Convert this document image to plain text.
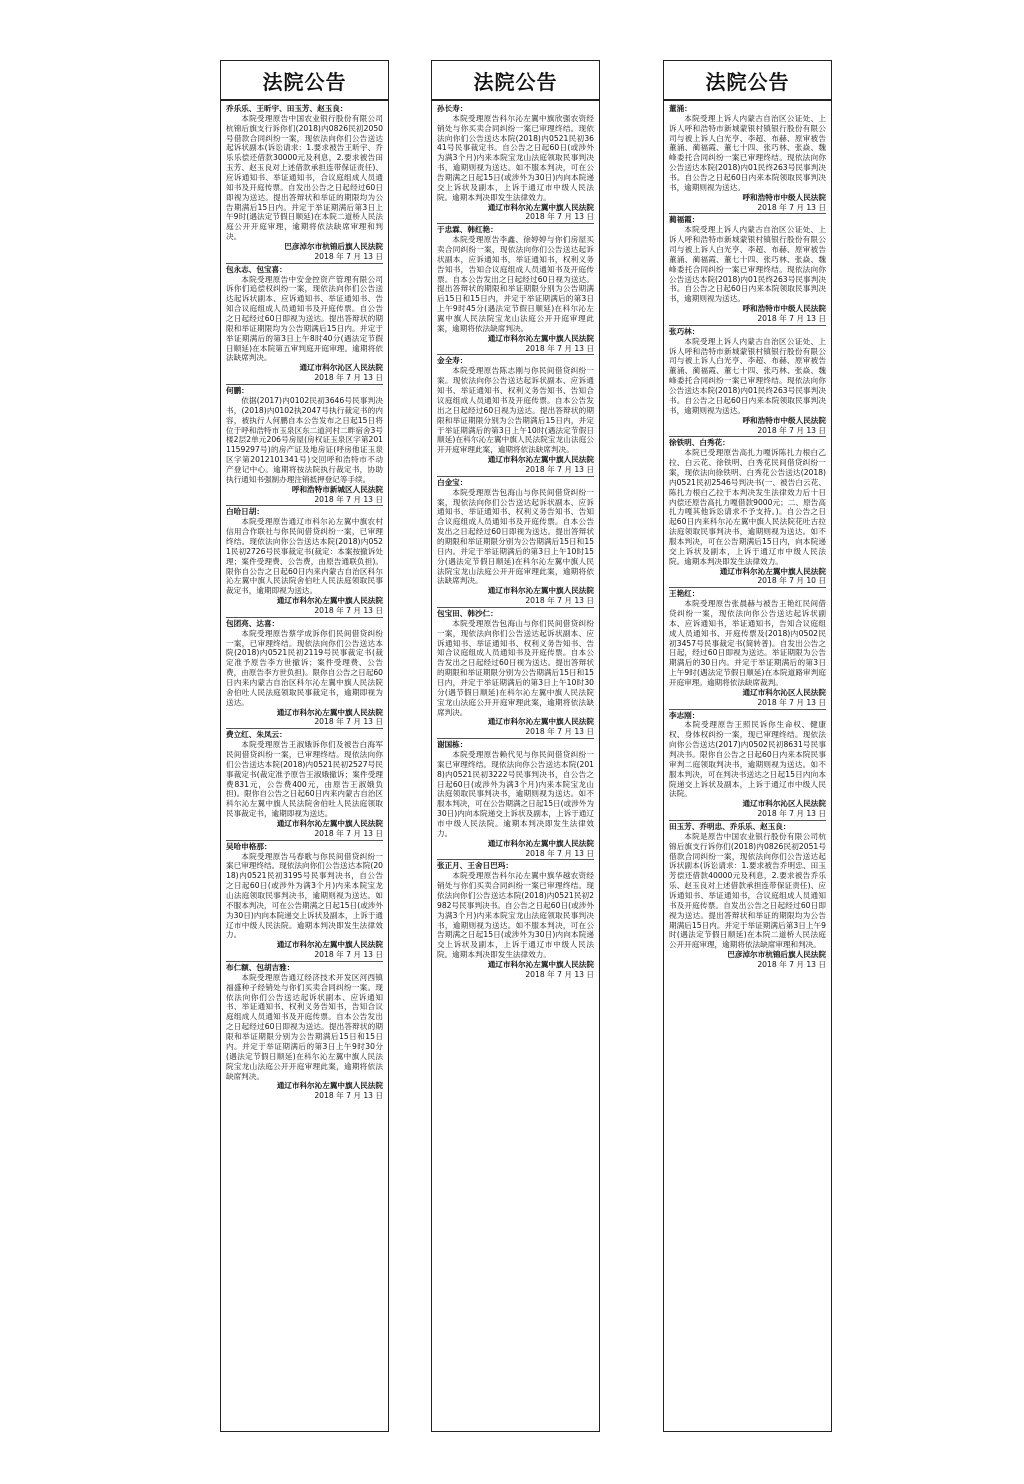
法院公告
乔乐乐、王昕宇、田玉芳、赵玉良：
本院受理原告中国农业银行股份有限公司杭锦后旗支行诉你们(2018)内0826民初2050号借款合同纠纷一案，现依法向你们公告送达起诉状副本(诉讼请求：1.要求被告王昕宇、乔乐乐偿还借款30000元及利息，2.要求被告田玉芳、赵玉良对上述借款承担连带保证责任)、应诉通知书、举证通知书，合议庭组成人员通知书及开庭传票。自发出公告之日起经过60日即视为送达。提出答辩状和举证的期限均为公告期满后15日内。并定于举证期满后第3日上午9时(遇法定节假日顺延)在本院二道桥人民法庭公开开庭审理，逾期将依法缺席审理和判决。
巴彦淖尔市杭锦后旗人民法院
2018 年 7 月 13 日
包永志、包宝喜：
本院受理原告中安金控资产管理有限公司诉你们追偿权纠纷一案，现依法向你们公告送达起诉状副本、应诉通知书、举证通知书、告知合议庭组成人员通知书及开庭传票。自公告之日起经过60日即视为送达。提出答辩状的期限和举证期限均为公告期满后15日内。并定于举证期满后的第3日上午8时40分(遇法定节假日顺延)在本院第五审判庭开庭审理。逾期将依法缺席判决。
通辽市科尔沁区人民法院
2018 年 7 月 13 日
何鹏：
依据(2017)内0102民初3646号民事判决书，(2018)内0102执2047号执行裁定书的内容，被执行人何鹏自本公告发布之日起15日将位于呼和浩特市玉泉区东二道河村二畔宿舍3号楼2层2单元206号房屋(房权证玉泉区字第2011159297号)的房产证及地房证(呼房他证玉泉区字第2012101341号)交回呼和浩特市不动产登记中心。逾期将按法院执行裁定书，协助执行通知书强制办理注销抵押登记等手续。
呼和浩特市新城区人民法院
2018 年 7 月 13 日
白哈日胡：
本院受理原告通辽市科尔沁左翼中旗农村信用合作联社与你民间借贷纠纷一案，已审理终结。现依法向你公告送达本院(2018)内0521民初2726号民事裁定书(裁定：本案按撤诉处理；案件受理费、公告费，由原告通联负担)。限你自公告之日起60日内来内蒙古自治区科尔沁左翼中旗人民法院舍伯吐人民法庭领取民事裁定书，逾期即视为送达。
通辽市科尔沁左翼中旗人民法院
2018 年 7 月 13 日
包团亮、达喜：
本院受理原告蔡学成诉你们民间借贷纠纷一案，已审理终结。现依法向你们公告送达本院(2018)内0521民初2119号民事裁定书(裁定准予原告李方世撤诉；案件受理费、公告费，由原告李方世负担)。限你自公告之日起60日内来内蒙古自治区科尔沁左翼中旗人民法院舍伯吐人民法庭领取民事裁定书，逾期即视为送达。
通辽市科尔沁左翼中旗人民法院
2018 年 7 月 13 日
费立红、朱凤云：
本院受理原告王淑娥诉你们及被告白海军民间借贷纠纷一案，已审理终结。现依法向你们公告送达本院(2018)内0521民初2527号民事裁定书(裁定准予原告王淑娥撤诉；案件受理费831元，公告费400元，由原告王淑娥负担)。限你自公告之日起60日内来内蒙古自治区科尔沁左翼中旗人民法院舍伯吐人民法庭领取民事裁定书，逾期即视为送达。
通辽市科尔沁左翼中旗人民法院
2018 年 7 月 13 日
吴哈申格那：
本院受理原告马春歌与你民间借贷纠纷一案已审理终结。现依法向你们公告送达本院(2018)内0521民初3195号民事判决书，自公告之日起60日(或涉外为满3个月)内来本院宝龙山法庭领取民事判决书，逾期则视为送达。如不服本判决，可在公告期满之日起15日(或涉外为30日)内向本院递交上诉状及副本，上诉于通辽市中级人民法院。逾期本判决即发生法律效力。
通辽市科尔沁左翼中旗人民法院
2018 年 7 月 13 日
布仁额、包胡吉雅：
本院受理原告通辽经济技术开发区河西镇福盛种子经销处与你们买卖合同纠纷一案。现依法向你们公告送达起诉状副本、应诉通知书、举证通知书、权利义务告知书，告知合议庭组成人员通知书及开庭传票。自本公告发出之日起经过60日即视为送达。提出答辩状的期限和举证期限分别为公告期满后15日和15日内。并定于举证期满后的第3日上午9时30分(遇法定节假日顺延)在科尔沁左翼中旗人民法院宝龙山法庭公开开庭审理此案，逾期将依法缺席判决。
通辽市科尔沁左翼中旗人民法院
2018 年 7 月 13 日
法院公告
孙长寿：
本院受理原告科尔沁左翼中旗欣强农资经销处与你买卖合同纠纷一案已审理终结。现依法向你们公告送达本院(2018)内0521民初3641号民事裁定书。自公告之日起60日(或涉外为满3个月)内来本院宝龙山法庭领取民事判决书，逾期则视为送达。如不服本判决，可在公告期满之日起15日(或涉外为30日)内向本院递交上诉状及副本，上诉于通辽市中级人民法院。逾期本判决即发生法律效力。
通辽市科尔沁左翼中旗人民法院
2018 年 7 月 13 日
于忠霖、韩红艳：
本院受理原告李鑫、徐婷婷与你们房屋买卖合同纠纷一案，现依法向你们公告送达起诉状副本，应诉通知书，举证通知书，权利义务告知书，告知合议庭组成人员通知书及开庭传票。自本公告发出之日起经过60日视为送达。提出答辩状的期限和举证期限分别为公告期满后15日和15日内，并定于举证期满后的第3日上午9时45分(遇法定节假日顺延)在科尔沁左翼中旗人民法院宝龙山法庭公开开庭审理此案，逾期将依法缺席判决。
通辽市科尔沁左翼中旗人民法院
2018 年 7 月 13 日
金全寿：
本院受理原告陈志刚与你民间借贷纠纷一案。现依法向你公告送达起诉状副本、应诉通知书、举证通知书、权利义务告知书、告知合议庭组成人员通知书及开庭传票。自本公告发出之日起经过60日视为送达。提出答辩状的期限和举证期限分别为公告期满后15日内，并定于举证期满后的第3日上午10时(遇法定节假日顺延)在科尔沁左翼中旗人民法院宝龙山法庭公开开庭审理此案，逾期将依法缺席判决。
通辽市科尔沁左翼中旗人民法院
2018 年 7 月 13 日
白金宝：
本院受理原告包海山与你民间借贷纠纷一案，现依法向你们公告送达起诉状副本、应诉通知书、举证通知书、权利义务告知书、告知合议庭组成人员通知书及开庭传票。自本公告发出之日起经过60日即视为送达。提出答辩状的期限和举证期限分别为公告期满后15日和15日内。并定于举证期满后的第3日上午10时15分(遇法定节假日顺延)在科尔沁左翼中旗人民法院宝龙山法庭公开开庭审理此案，逾期将依法缺席判决。
通辽市科尔沁左翼中旗人民法院
2018 年 7 月 13 日
包宝田、韩沙仁：
本院受理原告包海山与你们民间借贷纠纷一案，现依法向你们公告送达起诉状副本、应诉通知书、举证通知书、权利义务告知书、告知合议庭组成人员通知书及开庭传票。自本公告发出之日起经过60日视为送达。提出答辩状的期限和举证期限分别为公告期满后15日和15日内，并定于举证期满后的第3日上午10时30分(遇节假日顺延)在科尔沁左翼中旗人民法院宝龙山法庭公开开庭审理此案，逾期将依法缺席判决。
通辽市科尔沁左翼中旗人民法院
2018 年 7 月 13 日
谢国栋：
本院受理原告赖代见与你民间借贷纠纷一案已审理终结。现依法向你公告送达本院(2018)内0521民初3222号民事判决书，自公告之日起60日(或涉外为满3个月)内来本院宝龙山法庭领取民事判决书，逾期则视为送达。如不服本判决，可在公告期满之日起15日(或涉外为30日)内向本院递交上诉状及副本，上诉于通辽市中级人民法院。逾期本判决即发生法律效力。
通辽市科尔沁左翼中旗人民法院
2018 年 7 月 13 日
张正月、王舍日巴玛：
本院受理原告科尔沁左翼中旗华越农资经销处与你们买卖合同纠纷一案已审理终结。现依法向你们公告送达本院(2018)内0521民初2982号民事判决书。自公告之日起60日(或涉外为满3个月)内来本院宝龙山法庭领取民事判决书，逾期则视为送达。如不服本判决，可在公告期满之日起15日(或涉外为30日)内向本院递交上诉状及副本，上诉于通辽市中级人民法院。逾期本判决即发生法律效力。
通辽市科尔沁左翼中旗人民法院
2018 年 7 月 13 日
法院公告
董涌：
本院受理上诉人内蒙古自治区公证处、上诉人呼和浩特市新城蒙银村镇银行股份有限公司与被上诉人白光亨、李超、布赫、原审被告董涌、蔺福霞、董七十四、张巧林、张焱、魏峰委托合同纠纷一案已审理终结。现依法向你公告送达本院(2018)内01民终263号民事判决书。自公告之日起60日内来本院领取民事判决书，逾期则视为送达。
呼和浩特市中级人民法院
2018 年 7 月 13 日
蔺福霞：
本院受理上诉人内蒙古自治区公证处、上诉人呼和浩特市新城蒙银村镇银行股份有限公司与被上诉人白光亨、李超、布赫、原审被告董涌、蔺福霞、董七十四、张巧林、张焱、魏峰委托合同纠纷一案已审理终结。现依法向你公告送达本院(2018)内01民终263号民事判决书。自公告之日起60日内来本院领取民事判决书，逾期则视为送达。
呼和浩特市中级人民法院
2018 年 7 月 13 日
张巧林：
本院受理上诉人内蒙古自治区公证处、上诉人呼和浩特市新城蒙银村镇银行股份有限公司与被上诉人白光亨、李超、布赫、原审被告董涌、蔺福霞、董七十四、张巧林、张焱、魏峰委托合同纠纷一案已审理终结。现依法向你公告送达本院(2018)内01民终263号民事判决书。自公告之日起60日内来本院领取民事判决书，逾期则视为送达。
呼和浩特市中级人民法院
2018 年 7 月 13 日
徐铁明、白秀花：
本院已受理原告高扎力嘎诉陈扎力根白乙拉、白云花、徐铁明、白秀花民间借贷纠纷一案，现依法向徐铁明、白秀花公告送达(2018)内0521民初2546号判决书(一、被告白云花、陈扎力根白乙拉于本判决发生法律效力后十日内偿还原告高扎力嘎借款9000元；二、原告高扎力嘎其他诉讼请求不予支持。)。自公告之日起60日内来科尔沁左翼中旗人民法院花吐古拉法庭领取民事判决书，逾期则视为送达。如不服本判决，可在公告期满后15日内，向本院递交上诉状及副本，上诉于通辽市中级人民法院。逾期本判决即发生法律效力。
通辽市科尔沁左翼中旗人民法院
2018 年 7 月 10 日
王艳红：
本院受理原告张晨赫与被告王艳红民间借贷纠纷一案，现依法向你公告送达起诉状副本、应诉通知书，举证通知书，告知合议庭组成人员通知书、开庭传票及(2018)内0502民初3457号民事裁定书(简转普)。自发出公告之日起，经过60日即视为送达。举证期限为公告期满后的30日内。并定于举证期满后的第3日上午9时(遇法定节假日顺延)在本院道路审判庭开庭审理。逾期将依法缺席裁判。
通辽市科尔沁区人民法院
2018 年 7 月 13 日
李志刚：
本院受理原告王照民诉你生命权、健康权、身体权纠纷一案，现已审理终结。现依法向你公告送达(2017)内0502民初8631号民事判决书。限你自公告之日起60日内来本院民事审判二庭领取判决书，逾期则视为送达。如不服本判决，可在判决书送达之日起15日内向本院递交上诉状及副本，上诉于通辽市中级人民法院。
通辽市科尔沁区人民法院
2018 年 7 月 13 日
田玉芳、乔明忠、乔乐乐、赵玉良：
本院是原告中国农业银行股份有限公司杭锦后旗支行诉你们(2018)内0826民初2051号借款合同纠纷一案，现依法向你们公告送达起诉状副本(诉讼请求：1.要求被告乔明忠、田玉芳偿还借款40000元及利息，2.要求被告乔乐乐、赵玉良对上述借款承担连带保证责任)、应诉通知书、举证通知书，合议庭组成人员通知书及开庭传票。自发出公告之日起经过60日即视为送达。提出答辩状和举证的期限均为公告期满后15日内。并定于举证期满后第3日上午9时(遇法定节假日顺延)在本院二道桥人民法庭公开开庭审理，逾期将依法缺席审理和判决。
巴彦淖尔市杭锦后旗人民法院
2018 年 7 月 13 日
